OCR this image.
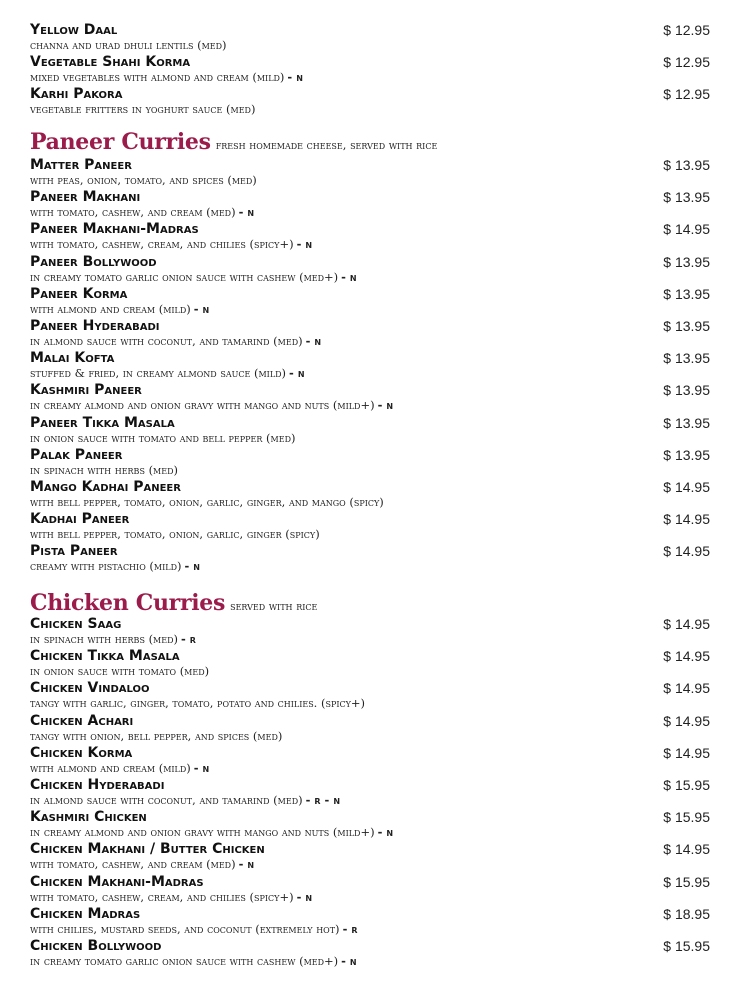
Yellow Daal
channa and urad dhuli lentils (med)
$ 12.95
Vegetable Shahi Korma
mixed vegetables with almond and cream (mild) - n
$ 12.95
Karhi Pakora
vegetable fritters in yoghurt sauce (med)
$ 12.95
Paneer Curries fresh homemade cheese, served with rice
Matter Paneer
with peas, onion, tomato, and spices (med)
$ 13.95
Paneer Makhani
with tomato, cashew, and cream (med) - n
$ 13.95
Paneer Makhani-Madras
with tomato, cashew, cream, and chilies (spicy+) - n
$ 14.95
Paneer Bollywood
in creamy tomato garlic onion sauce with cashew (med+) - n
$ 13.95
Paneer Korma
with almond and cream (mild) - n
$ 13.95
Paneer Hyderabadi
in almond sauce with coconut, and tamarind (med) - n
$ 13.95
Malai Kofta
stuffed & fried, in creamy almond sauce (mild) - n
$ 13.95
Kashmiri Paneer
in creamy almond and onion gravy with mango and nuts (mild+) - n
$ 13.95
Paneer Tikka Masala
in onion sauce with tomato and bell pepper (med)
$ 13.95
Palak Paneer
in spinach with herbs (med)
$ 13.95
Mango Kadhai Paneer
with bell pepper, tomato, onion, garlic, ginger, and mango (spicy)
$ 14.95
Kadhai Paneer
with bell pepper, tomato, onion, garlic, ginger (spicy)
$ 14.95
Pista Paneer
creamy with pistachio (mild) - n
$ 14.95
Chicken Curries served with rice
Chicken Saag
in spinach with herbs (med) - r
$ 14.95
Chicken Tikka Masala
in onion sauce with tomato (med)
$ 14.95
Chicken Vindaloo
tangy with garlic, ginger, tomato, potato and chilies. (spicy+)
$ 14.95
Chicken Achari
tangy with onion, bell pepper, and spices (med)
$ 14.95
Chicken Korma
with almond and cream (mild) - n
$ 14.95
Chicken Hyderabadi
in almond sauce with coconut, and tamarind (med) - r - n
$ 15.95
Kashmiri Chicken
in creamy almond and onion gravy with mango and nuts (mild+) - n
$ 15.95
Chicken Makhani / Butter Chicken
with tomato, cashew, and cream (med) - n
$ 14.95
Chicken Makhani-Madras
with tomato, cashew, cream, and chilies (spicy+) - n
$ 15.95
Chicken Madras
with chilies, mustard seeds, and coconut (extremely hot) - r
$ 18.95
Chicken Bollywood
in creamy tomato garlic onion sauce with cashew (med+) - n
$ 15.95
